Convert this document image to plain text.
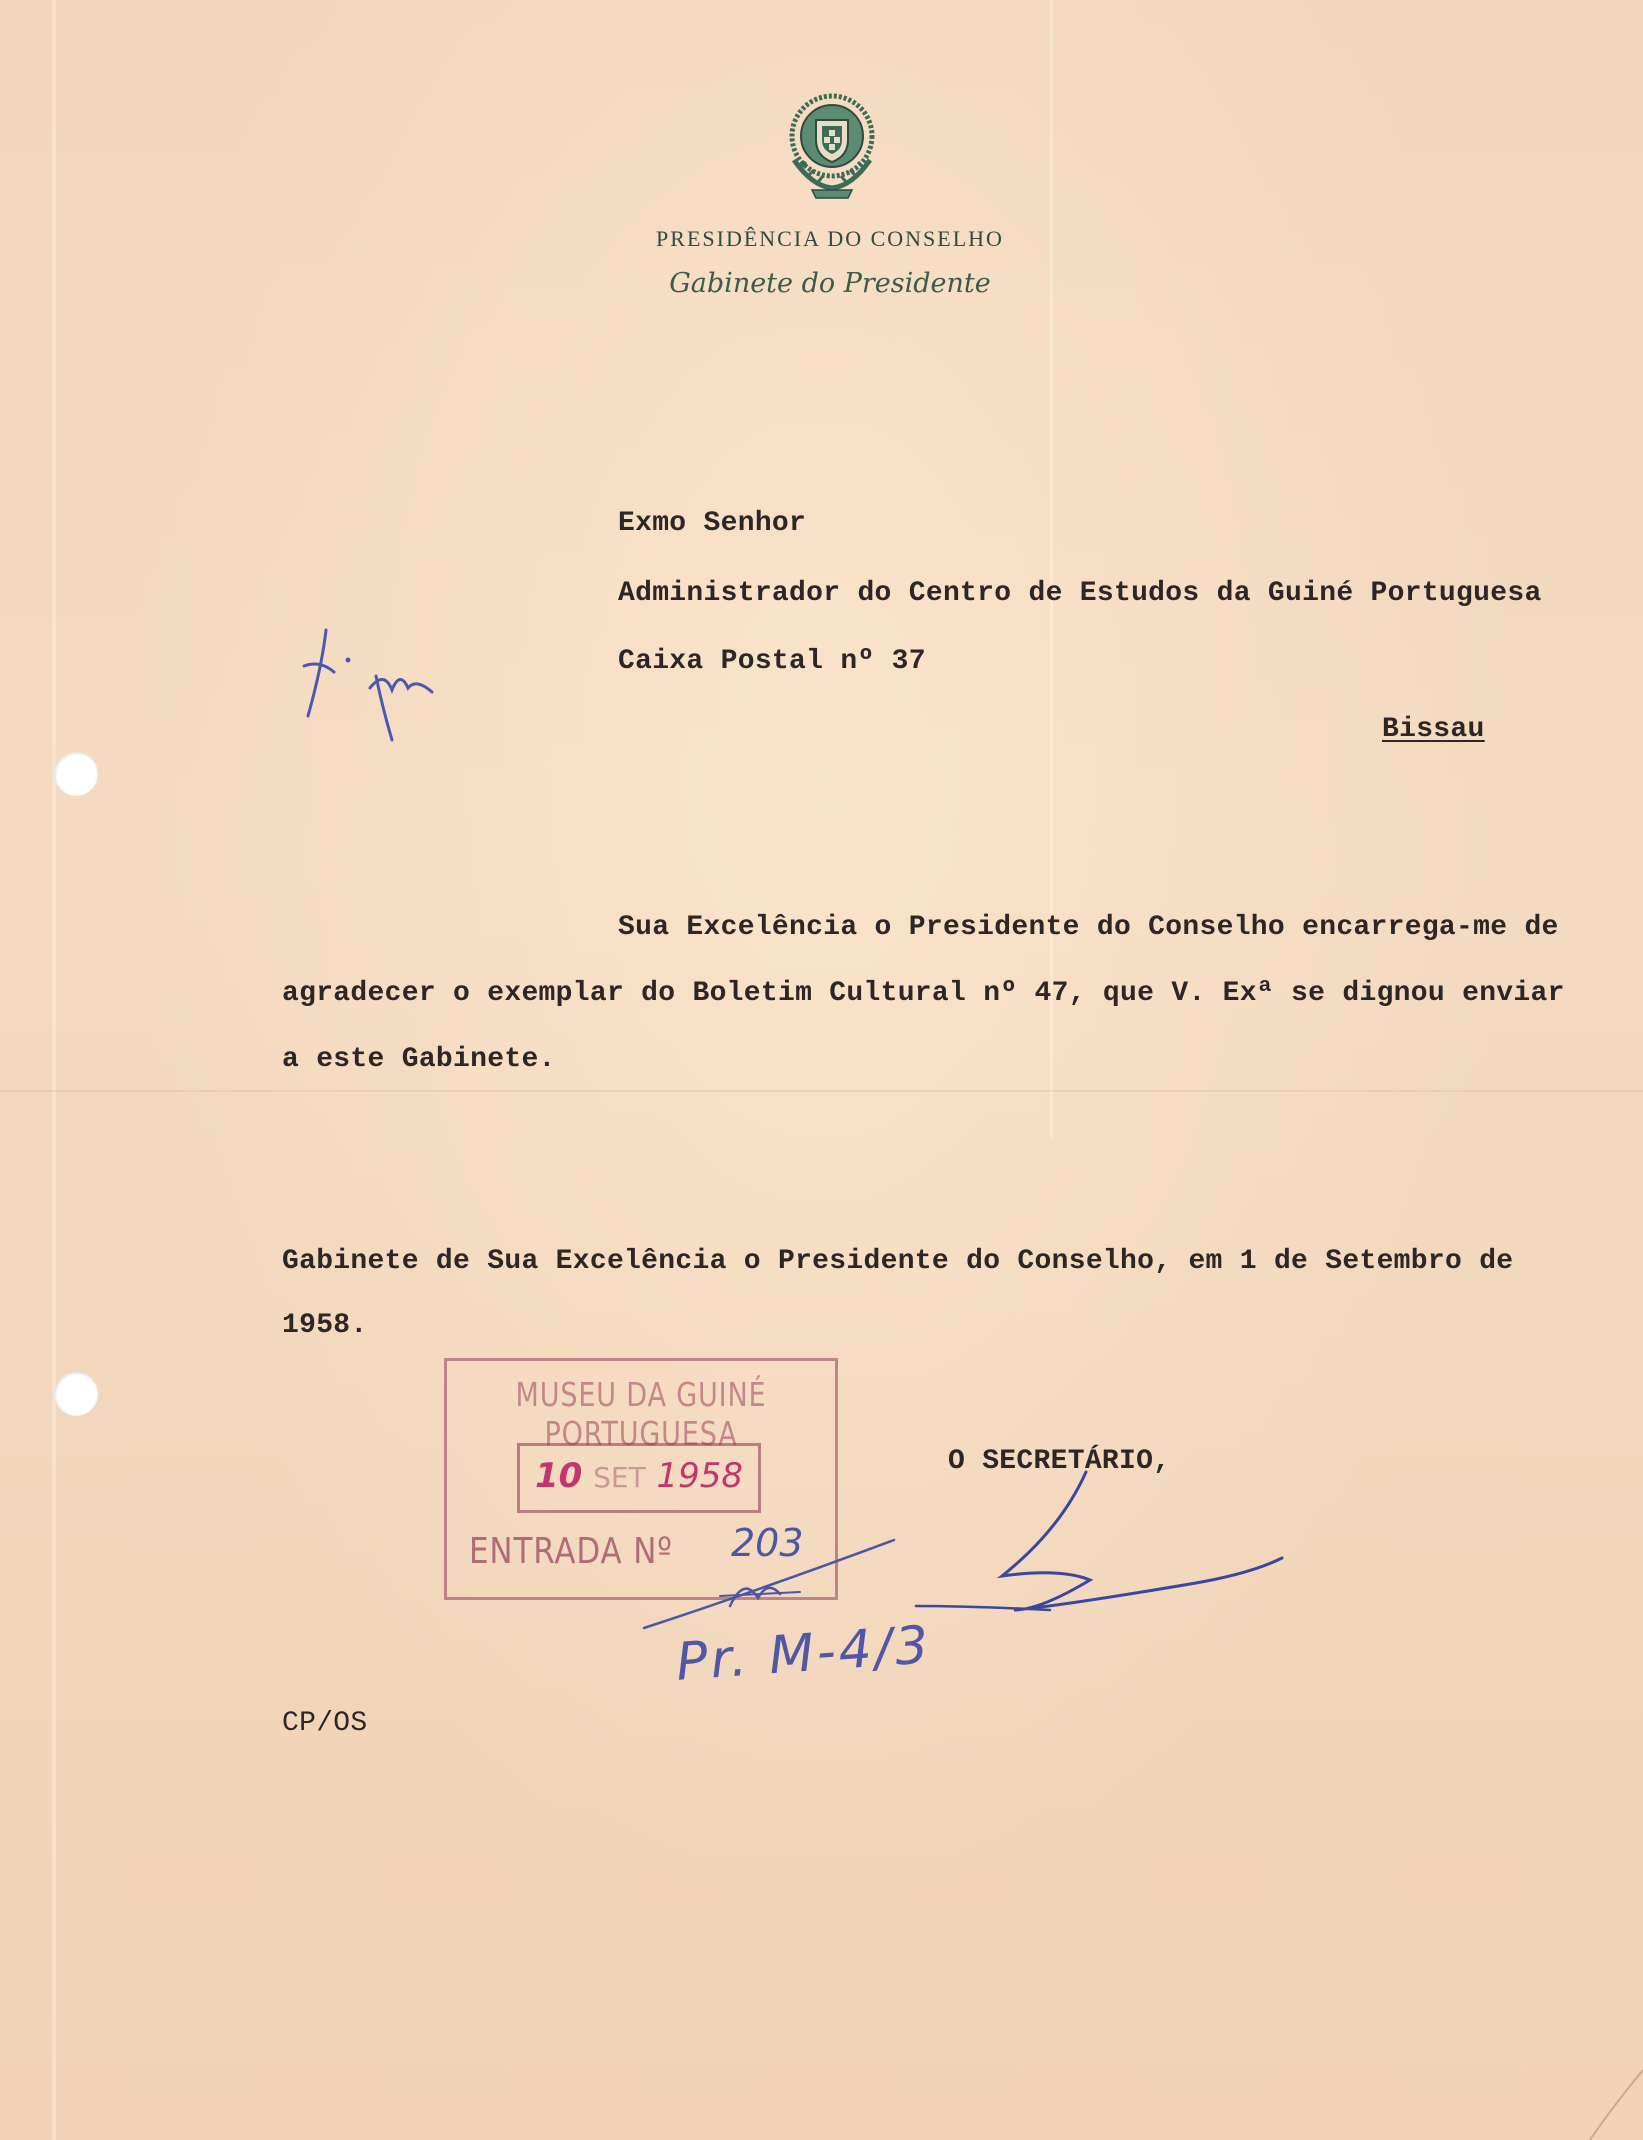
PRESIDÊNCIA DO CONSELHO
Gabinete do Presidente
Exmo Senhor
Administrador do Centro de Estudos da Guiné Portuguesa
Caixa Postal nº 37
Bissau
Sua Excelência o Presidente do Conselho encarrega-me de
agradecer o exemplar do Boletim Cultural nº 47, que V. Exª se dignou enviar
a este Gabinete.
Gabinete de Sua Excelência o Presidente do Conselho, em 1 de Setembro de
1958.
O SECRETÁRIO,
MUSEU DA GUINÉ PORTUGUESA
10 SET 1958
ENTRADA Nº 203
Pr. M-4/3
CP/OS
